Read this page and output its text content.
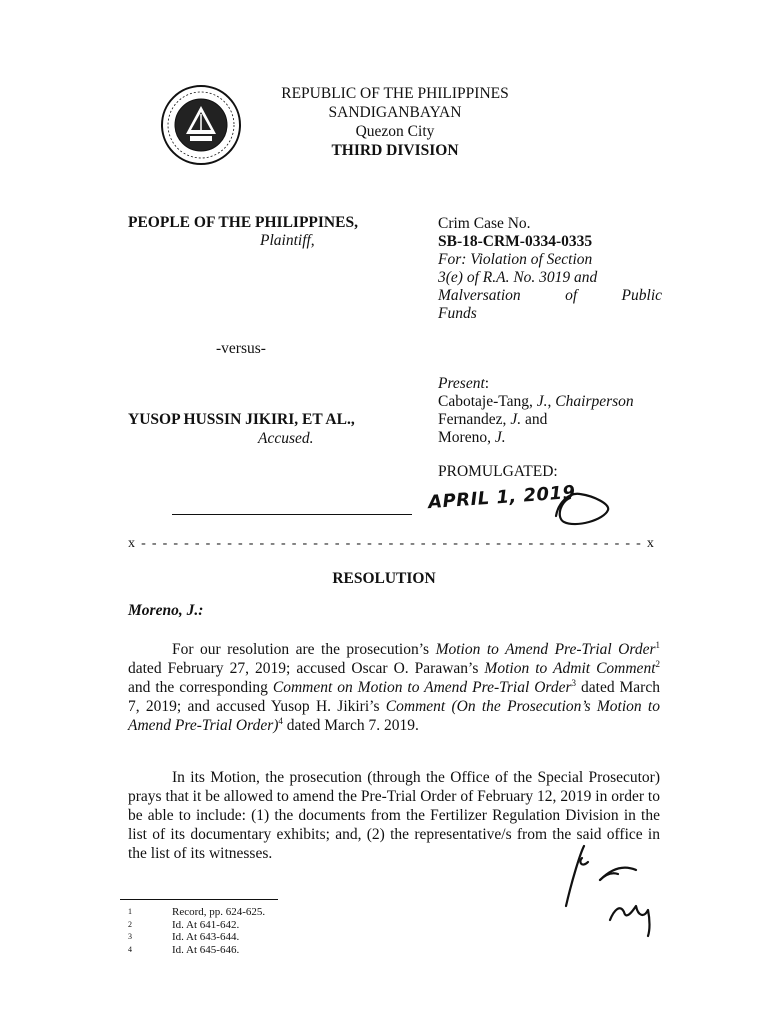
REPUBLIC OF THE PHILIPPINES
SANDIGANBAYAN
Quezon City
THIRD DIVISION
PEOPLE OF THE PHILIPPINES,
Plaintiff,
-versus-
YUSOP HUSSIN JIKIRI, ET AL.,
Accused.
Crim Case No.
SB-18-CRM-0334-0335
For: Violation of Section
3(e) of R.A. No. 3019 and
Malversation of Public
Funds
Present:
Cabotaje-Tang, J., Chairperson
Fernandez, J. and
Moreno, J.
PROMULGATED:
APRIL 1, 2019
x - - - - - - - - - - - - - - - - - - - - - - - - - - - - - - - - - - - - - - - - - - - - - - - x
RESOLUTION
Moreno, J.:

For our resolution are the prosecution’s Motion to Amend Pre-Trial Order$^1$ dated February 27, 2019; accused Oscar O. Parawan’s Motion to Admit Comment$^2$ and the corresponding Comment on Motion to Amend Pre-Trial Order$^3$ dated March 7, 2019; and accused Yusop H. Jikiri’s Comment (On the Prosecution’s Motion to Amend Pre-Trial Order)$^4$ dated March 7. 2019.

In its Motion, the prosecution (through the Office of the Special Prosecutor) prays that it be allowed to amend the Pre-Trial Order of February 12, 2019 in order to be able to include: (1) the documents from the Fertilizer Regulation Division in the list of its documentary exhibits; and, (2) the representative/s from the said office in the list of its witnesses.

1	Record, pp. 624-625.
2	Id. At 641-642.
3	Id. At 643-644.
4	Id. At 645-646.
